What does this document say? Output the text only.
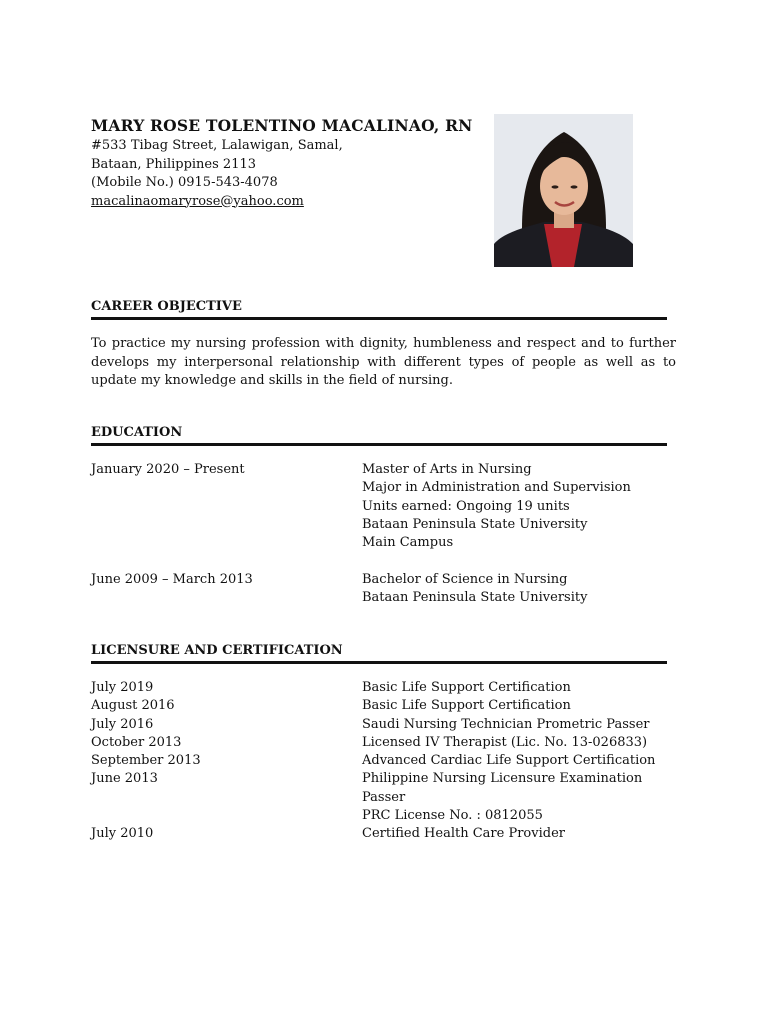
MARY ROSE TOLENTINO MACALINAO, RN
#533 Tibag Street, Lalawigan, Samal,
Bataan, Philippines 2113
(Mobile No.) 0915-543-4078
macalinaomaryrose@yahoo.com
CAREER OBJECTIVE
To practice my nursing profession with dignity, humbleness and respect and to further develops my interpersonal relationship with different types of people as well as to update my knowledge and skills in the field of nursing.
EDUCATION
January 2020 – Present	Master of Arts in Nursing
Major in Administration and Supervision
Units earned: Ongoing 19 units
Bataan Peninsula State University
Main Campus
June 2009 – March 2013	Bachelor of Science in Nursing
Bataan Peninsula State University
LICENSURE AND CERTIFICATION
July 2019	Basic Life Support Certification
August 2016	Basic Life Support Certification
July 2016	Saudi Nursing Technician Prometric Passer
October 2013	Licensed IV Therapist (Lic. No. 13-026833)
September 2013	Advanced Cardiac Life Support Certification
June 2013	Philippine Nursing Licensure Examination
Passer
PRC License No. : 0812055
July 2010	Certified Health Care Provider
